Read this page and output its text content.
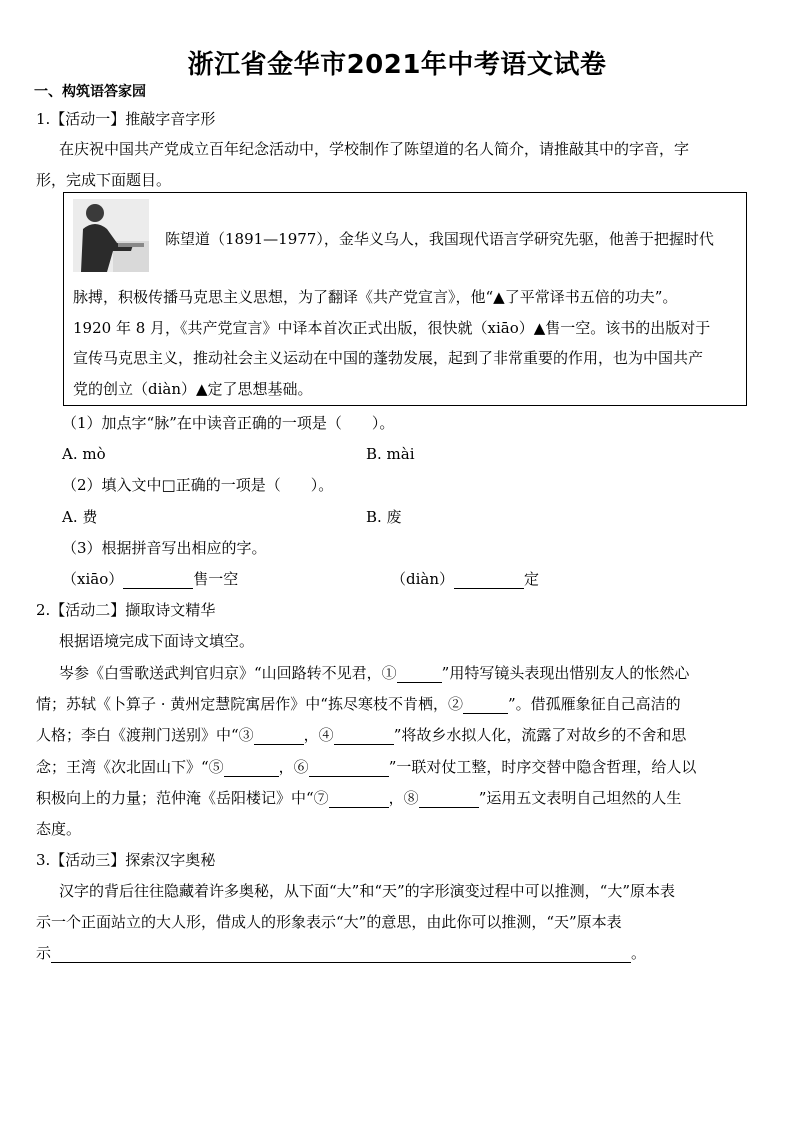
浙江省金华市2021年中考语文试卷
一、构筑语答家园
1.【活动一】推敲字音字形
在庆祝中国共产党成立百年纪念活动中，学校制作了陈望道的名人简介，请推敲其中的字音，字
形，完成下面题目。
陈望道（1891—1977），金华义乌人，我国现代语言学研究先驱，他善于把握时代
脉搏，积极传播马克思主义思想，为了翻译《共产党宣言》，他“▲了平常译书五倍的功夫”。
1920 年 8 月，《共产党宣言》中译本首次正式出版，很快就（xiāo）▲售一空。该书的出版对于
宣传马克思主义，推动社会主义运动在中国的蓬勃发展，起到了非常重要的作用，也为中国共产
党的创立（diàn）▲定了思想基础。
（1）加点字“脉”在中读音正确的一项是（　　）。
A. mò	B. mài
（2）填入文中□正确的一项是（　　）。
A. 费	B. 废
（3）根据拼音写出相应的字。
（xiāo）	售一空	（diàn）	定
2.【活动二】撷取诗文精华
根据语境完成下面诗文填空。
岑参《白雪歌送武判官归京》“山回路转不见君，①	”用特写镜头表现出惜别友人的怅然心
情；苏轼《卜算子 · 黄州定慧院寓居作》中“拣尽寒枝不肯栖，②	”。借孤雁象征自己高洁的
人格；李白《渡荆门送别》中“③	，④	”将故乡水拟人化，流露了对故乡的不舍和思
念；王湾《次北固山下》“⑤	，⑥	”一联对仗工整，时序交替中隐含哲理，给人以
积极向上的力量；范仲淹《岳阳楼记》中“⑦	，⑧	”运用五文表明自己坦然的人生
态度。
3.【活动三】探索汉字奥秘
汉字的背后往往隐藏着许多奥秘，从下面“大”和“天”的字形演变过程中可以推测，“大”原本表
示一个正面站立的大人形，借成人的形象表示“大”的意思，由此你可以推测，“天”原本表
示	。
